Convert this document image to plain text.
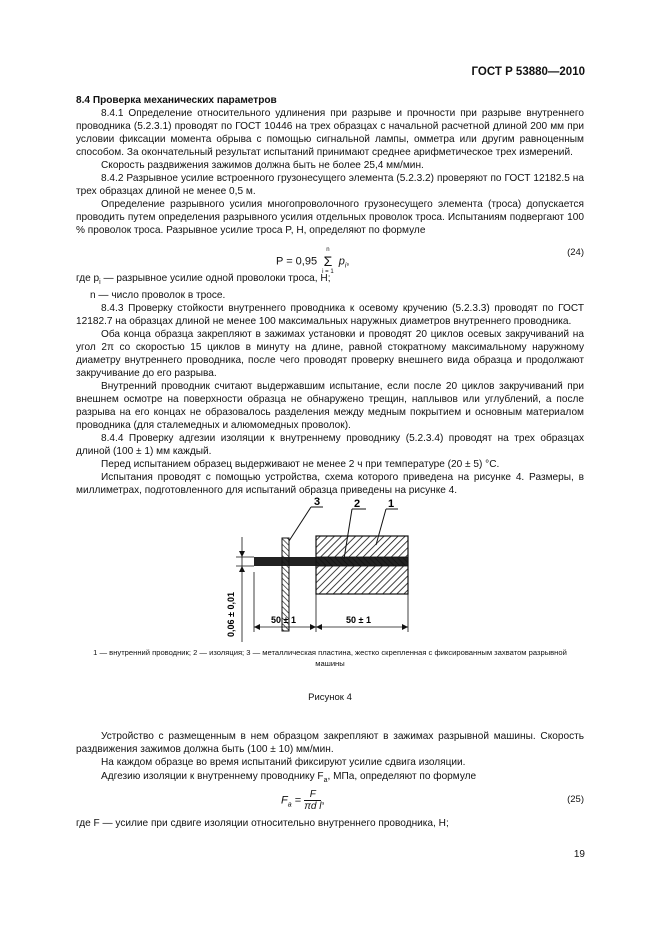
ГОСТ Р 53880—2010

8.4 Проверка механических параметров

8.4.1 Определение относительного удлинения при разрыве и прочности при разрыве внутреннего проводника (5.2.3.1) проводят по ГОСТ 10446 на трех образцах с начальной расчетной длиной 200 мм при условии фиксации момента обрыва с помощью сигнальной лампы, омметра или другим равноценным способом. За окончательный результат испытаний принимают среднее арифметическое трех измерений.

Скорость раздвижения зажимов должна быть не более 25,4 мм/мин.

8.4.2 Разрывное усилие встроенного грузонесущего элемента (5.2.3.2) проверяют по ГОСТ 12182.5 на трех образцах длиной не менее 0,5 м.

Определение разрывного усилия многопроволочного грузонесущего элемента (троса) допускается проводить путем определения разрывного усилия отдельных проволок троса. Испытаниям подвергают 100 % проволок троса. Разрывное усилие троса P, H, определяют по формуле

P = 0,95
n
Σ
i = 1
$p_i$,
(24)

где $p_i$ — разрывное усилие одной проволоки троса, H;

n — число проволок в тросе.

8.4.3 Проверку стойкости внутреннего проводника к осевому кручению (5.2.3.3) проводят по ГОСТ 12182.7 на образцах длиной не менее 100 максимальных наружных диаметров внутреннего проводника.

Оба конца образца закрепляют в зажимах установки и проводят 20 циклов осевых закручиваний на угол 2π со скоростью 15 циклов в минуту на длине, равной стократному максимальному наружному диаметру внутреннего проводника, после чего проводят проверку внешнего вида образца и продолжают закручивание до его разрыва.

Внутренний проводник считают выдержавшим испытание, если после 20 циклов закручиваний при внешнем осмотре на поверхности образца не обнаружено трещин, наплывов или углублений, а после разрыва на его концах не образовалось разделения между медным покрытием и основным материалом проводника (для сталемедных и алюмомедных проволок).

8.4.4 Проверку адгезии изоляции к внутреннему проводнику (5.2.3.4) проводят на трех образцах длиной (100 ± 1) мм каждый.

Перед испытанием образец выдерживают не менее 2 ч при температуре (20 ± 5) °С.

Испытания проводят с помощью устройства, схема которого приведена на рисунке 4. Размеры, в миллиметрах, подготовленного для испытаний образца приведены на рисунке 4.

3	2	1
0,06 ± 0,01	50 ± 1	50 ± 1
1 — внутренний проводник; 2 — изоляция; 3 — металлическая пластина, жестко скрепленная с фиксированным захватом разрывной машины
Рисунок 4

Устройство с размещенным в нем образцом закрепляют в зажимах разрывной машины. Скорость раздвижения зажимов должна быть (100 ± 10) мм/мин.

На каждом образце во время испытаний фиксируют усилие сдвига изоляции.

Адгезию изоляции к внутреннему проводнику $F_a$, МПа, определяют по формуле

$F_a = \frac{F}{\text{πd l}}$ ,	(25)

где F — усилие при сдвиге изоляции относительно внутреннего проводника, H;

19
